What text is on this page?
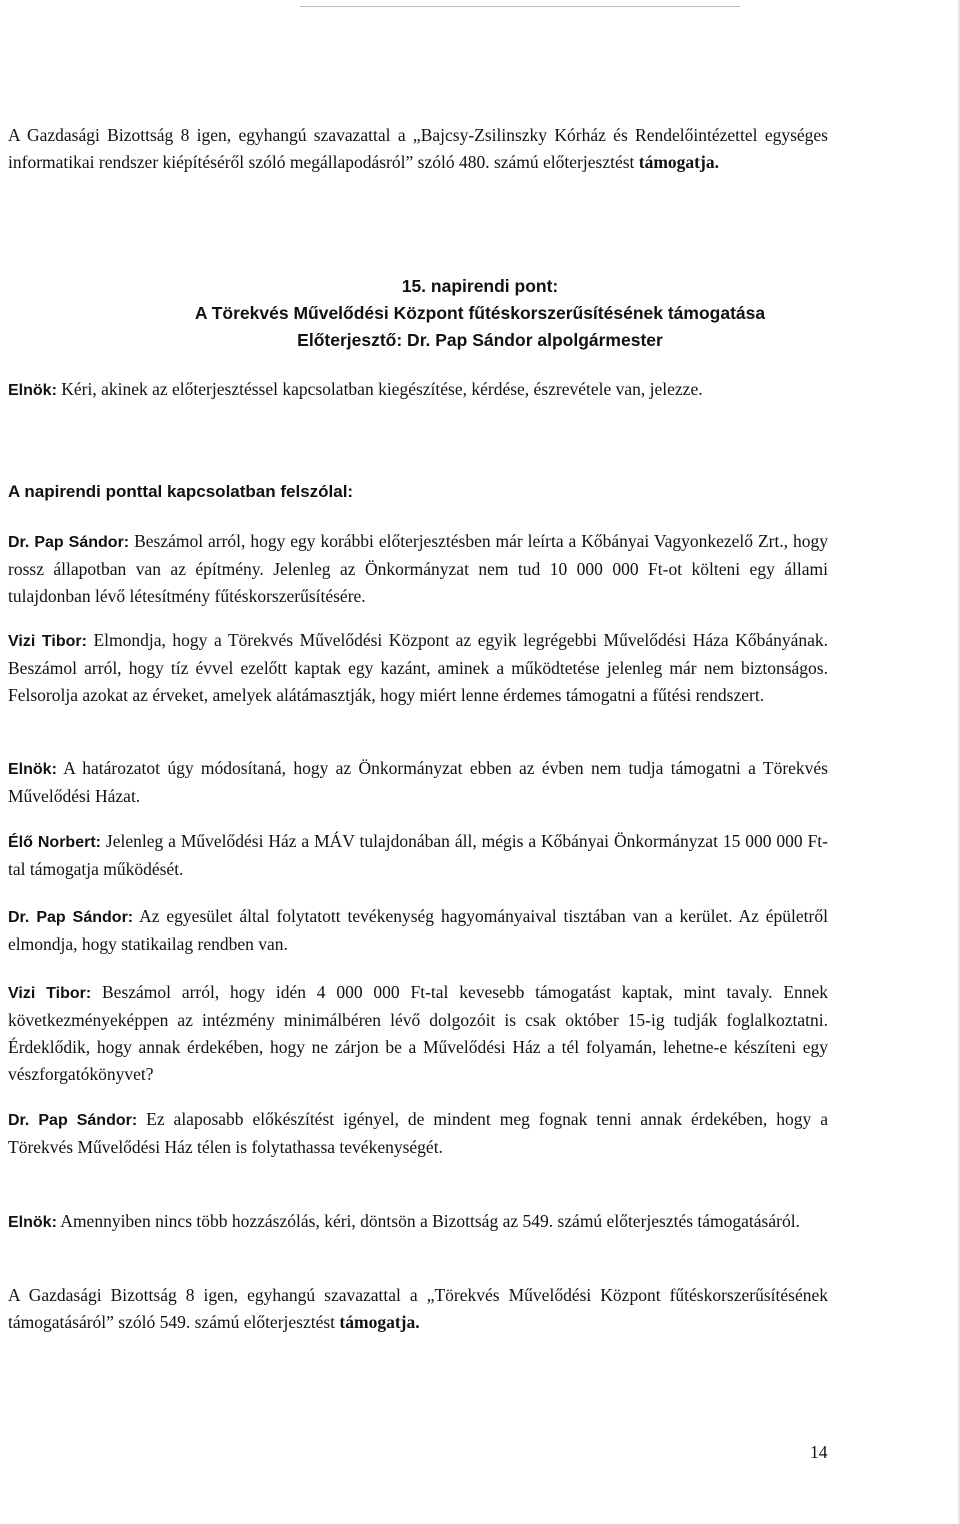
A Gazdasági Bizottság 8 igen, egyhangú szavazattal a „Bajcsy-Zsilinszky Kórház és Rendelőintézettel egységes informatikai rendszer kiépítéséről szóló megállapodásról” szóló 480. számú előterjesztést támogatja.

15. napirendi pont:
A Törekvés Művelődési Központ fűtéskorszerűsítésének támogatása
Előterjesztő: Dr. Pap Sándor alpolgármester

Elnök: Kéri, akinek az előterjesztéssel kapcsolatban kiegészítése, kérdése, észrevétele van, jelezze.

A napirendi ponttal kapcsolatban felszólal:

Dr. Pap Sándor: Beszámol arról, hogy egy korábbi előterjesztésben már leírta a Kőbányai Vagyonkezelő Zrt., hogy rossz állapotban van az építmény. Jelenleg az Önkormányzat nem tud 10 000 000 Ft-ot költeni egy állami tulajdonban lévő létesítmény fűtéskorszerűsítésére.

Vizi Tibor: Elmondja, hogy a Törekvés Művelődési Központ az egyik legrégebbi Művelődési Háza Kőbányának. Beszámol arról, hogy tíz évvel ezelőtt kaptak egy kazánt, aminek a működtetése jelenleg már nem biztonságos. Felsorolja azokat az érveket, amelyek alátámasztják, hogy miért lenne érdemes támogatni a fűtési rendszert.

Elnök: A határozatot úgy módosítaná, hogy az Önkormányzat ebben az évben nem tudja támogatni a Törekvés Művelődési Házat.

Élő Norbert: Jelenleg a Művelődési Ház a MÁV tulajdonában áll, mégis a Kőbányai Önkormányzat 15 000 000 Ft-tal támogatja működését.

Dr. Pap Sándor: Az egyesület által folytatott tevékenység hagyományaival tisztában van a kerület. Az épületről elmondja, hogy statikailag rendben van.

Vizi Tibor: Beszámol arról, hogy idén 4 000 000 Ft-tal kevesebb támogatást kaptak, mint tavaly. Ennek következményeképpen az intézmény minimálbéren lévő dolgozóit is csak október 15-ig tudják foglalkoztatni. Érdeklődik, hogy annak érdekében, hogy ne zárjon be a Művelődési Ház a tél folyamán, lehetne-e készíteni egy vészforgatókönyvet?

Dr. Pap Sándor: Ez alaposabb előkészítést igényel, de mindent meg fognak tenni annak érdekében, hogy a Törekvés Művelődési Ház télen is folytathassa tevékenységét.

Elnök: Amennyiben nincs több hozzászólás, kéri, döntsön a Bizottság az 549. számú előterjesztés támogatásáról.

A Gazdasági Bizottság 8 igen, egyhangú szavazattal a „Törekvés Művelődési Központ fűtéskorszerűsítésének támogatásáról” szóló 549. számú előterjesztést támogatja.

14
